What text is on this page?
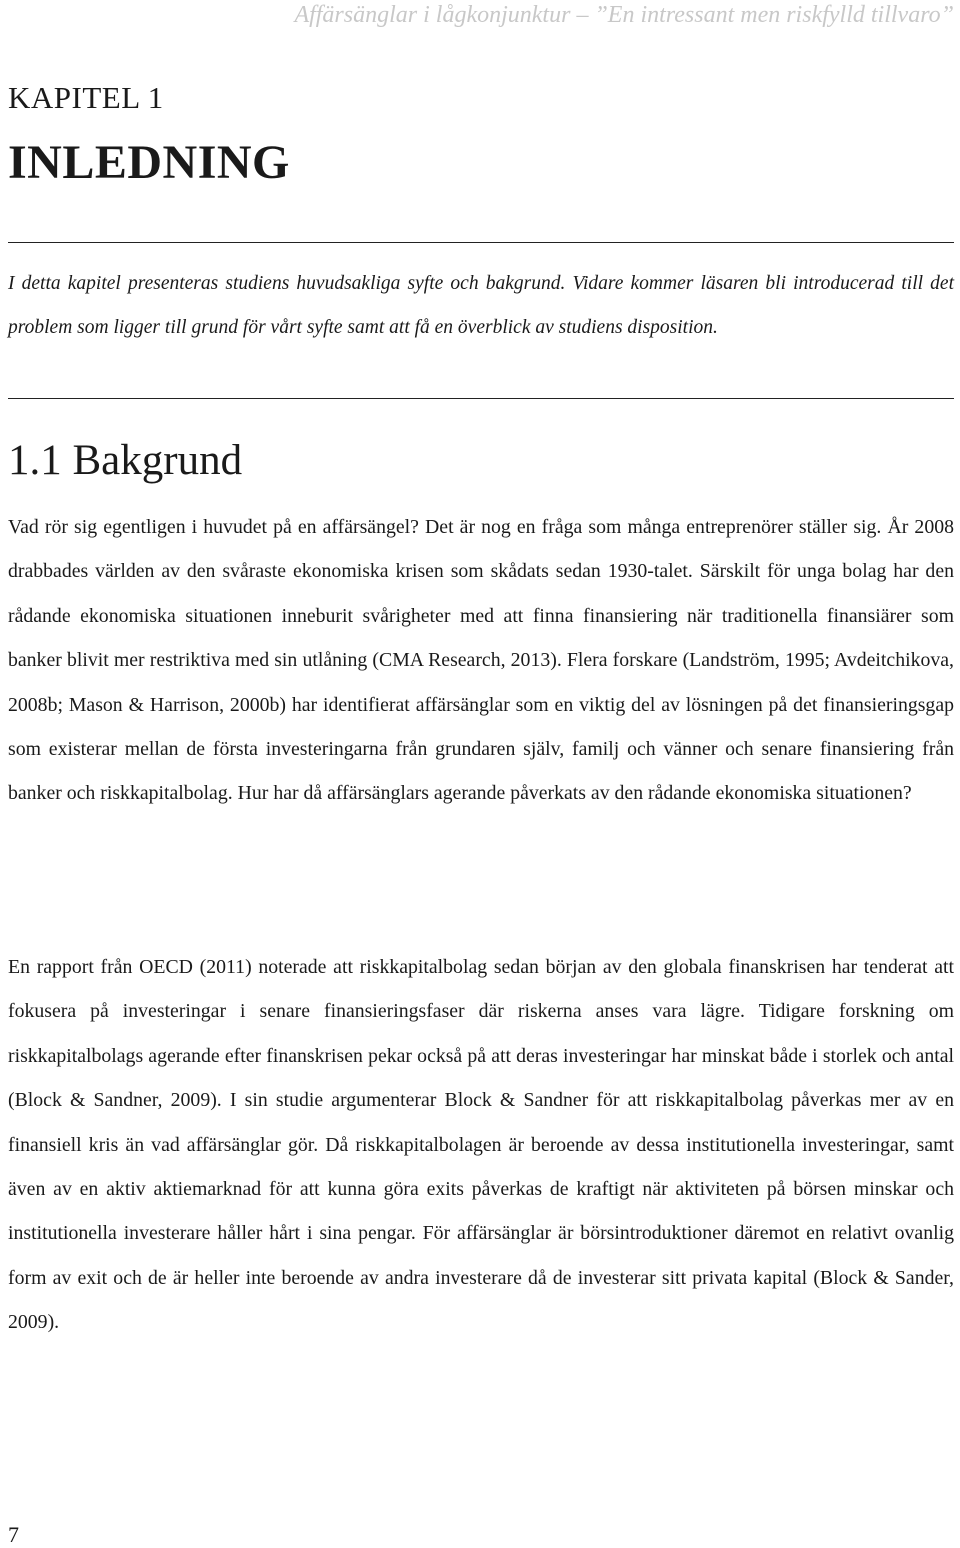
Affärsänglar i lågkonjunktur – ”En intressant men riskfylld tillvaro”
KAPITEL 1
INLEDNING

I detta kapitel presenteras studiens huvudsakliga syfte och bakgrund. Vidare kommer läsaren bli introducerad till det problem som ligger till grund för vårt syfte samt att få en överblick av studiens disposition.

1.1 Bakgrund

Vad rör sig egentligen i huvudet på en affärsängel? Det är nog en fråga som många entreprenörer ställer sig. År 2008 drabbades världen av den svåraste ekonomiska krisen som skådats sedan 1930-talet. Särskilt för unga bolag har den rådande ekonomiska situationen inneburit svårigheter med att finna finansiering när traditionella finansiärer som banker blivit mer restriktiva med sin utlåning (CMA Research, 2013). Flera forskare (Landström, 1995; Avdeitchikova, 2008b; Mason & Harrison, 2000b) har identifierat affärsänglar som en viktig del av lösningen på det finansieringsgap som existerar mellan de första investeringarna från grundaren själv, familj och vänner och senare finansiering från banker och riskkapitalbolag. Hur har då affärsänglars agerande påverkats av den rådande ekonomiska situationen?

En rapport från OECD (2011) noterade att riskkapitalbolag sedan början av den globala finanskrisen har tenderat att fokusera på investeringar i senare finansieringsfaser där riskerna anses vara lägre. Tidigare forskning om riskkapitalbolags agerande efter finanskrisen pekar också på att deras investeringar har minskat både i storlek och antal (Block & Sandner, 2009). I sin studie argumenterar Block & Sandner för att riskkapitalbolag påverkas mer av en finansiell kris än vad affärsänglar gör. Då riskkapitalbolagen är beroende av dessa institutionella investeringar, samt även av en aktiv aktiemarknad för att kunna göra exits påverkas de kraftigt när aktiviteten på börsen minskar och institutionella investerare håller hårt i sina pengar. För affärsänglar är börsintroduktioner däremot en relativt ovanlig form av exit och de är heller inte beroende av andra investerare då de investerar sitt privata kapital (Block & Sander, 2009).

7
